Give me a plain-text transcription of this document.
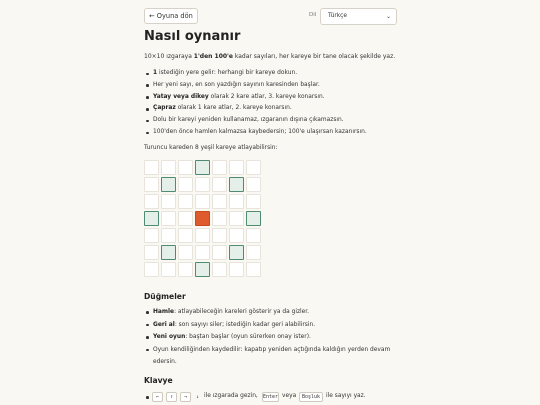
← Oyuna dön	Dil	Türkçe	⌄
Nasıl oynanır

10×10 ızgaraya 1'den 100'e kadar sayıları, her kareye bir tane olacak şekilde yaz.

1 istediğin yere gelir: herhangi bir kareye dokun.
Her yeni sayı, en son yazdığın sayının karesinden başlar.
Yatay veya dikey olarak 2 kare atlar, 3. kareye konarsın.
Çapraz olarak 1 kare atlar, 2. kareye konarsın.
Dolu bir kareyi yeniden kullanamaz, ızgaranın dışına çıkamazsın.
100'den önce hamlen kalmazsa kaybedersin; 100'e ulaşırsan kazanırsın.

Turuncu kareden 8 yeşil kareye atlayabilirsin:

Düğmeler
Hamle: atlayabileceğin kareleri gösterir ya da gizler.
Geri al: son sayıyı siler; istediğin kadar geri alabilirsin.
Yeni oyun: baştan başlar (oyun sürerken onay ister).
Oyun kendiliğinden kaydedilir: kapatıp yeniden açtığında kaldığın yerden devam edersin.
Klavye
←	↑	→	↓ ile ızgarada gezin, Enter veya	Boşluk	ile sayıyı yaz.
